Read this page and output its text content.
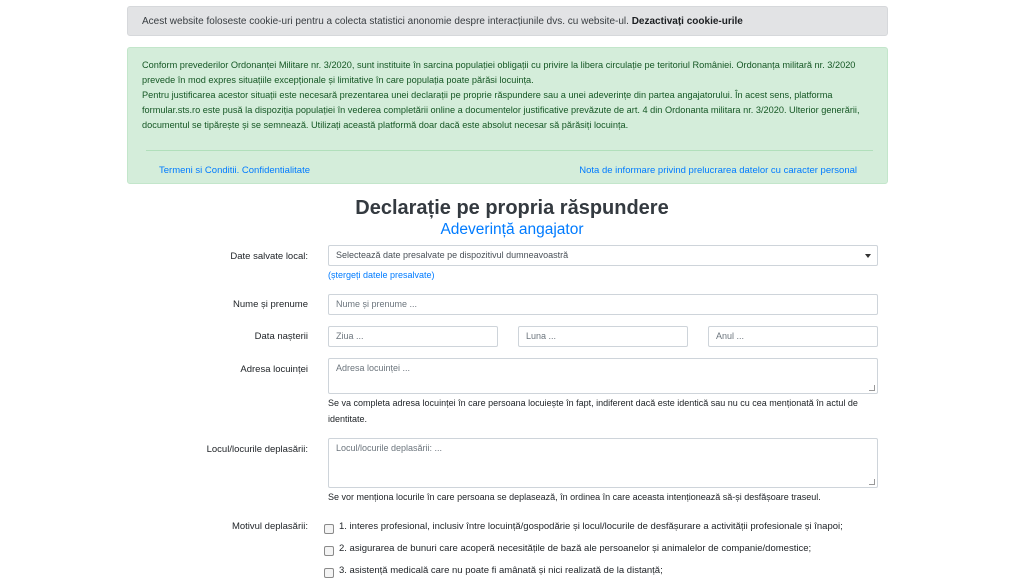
Acest website foloseste cookie-uri pentru a colecta statistici anonomie despre interacțiunile dvs. cu website-ul. Dezactivați cookie-urile

Conform prevederilor Ordonanței Militare nr. 3/2020, sunt instituite în sarcina populației obligații cu privire la libera circulație pe teritoriul României. Ordonanța militară nr. 3/2020 prevede în mod expres situațiile excepționale și limitative în care populația poate părăsi locuința.

Pentru justificarea acestor situații este necesară prezentarea unei declarații pe proprie răspundere sau a unei adeverințe din partea angajatorului. În acest sens, platforma formular.sts.ro este pusă la dispoziția populației în vederea completării online a documentelor justificative prevăzute de art. 4 din Ordonanta militara nr. 3/2020. Ulterior generării, documentul se tipărește și se semnează. Utilizați această platformă doar dacă este absolut necesar să părăsiți locuința.

Termeni si Conditii. Confidentialitate	Nota de informare privind prelucrarea datelor cu caracter personal
Declarație pe propria răspundere
Adeverință angajator
Date salvate local:	Selectează date presalvate pe dispozitivul dumneavoastră
(ștergeți datele presalvate)
Nume și prenume	Nume și prenume ...
Data nașterii	Ziua ...	Luna ...	Anul ...
Adresa locuinței	Adresa locuinței ...
Se va completa adresa locuinței în care persoana locuiește în fapt, indiferent dacă este identică sau nu cu cea menționată în actul de identitate.
Locul/locurile deplasării:	Locul/locurile deplasării: ...
Se vor menționa locurile în care persoana se deplasează, în ordinea în care aceasta intenționează să-și desfășoare traseul.
Motivul deplasării:	1. interes profesional, inclusiv între locuință/gospodărie și locul/locurile de desfășurare a activității profesionale și înapoi;
2. asigurarea de bunuri care acoperă necesitățile de bază ale persoanelor și animalelor de companie/domestice;
3. asistență medicală care nu poate fi amânată și nici realizată de la distanță;
